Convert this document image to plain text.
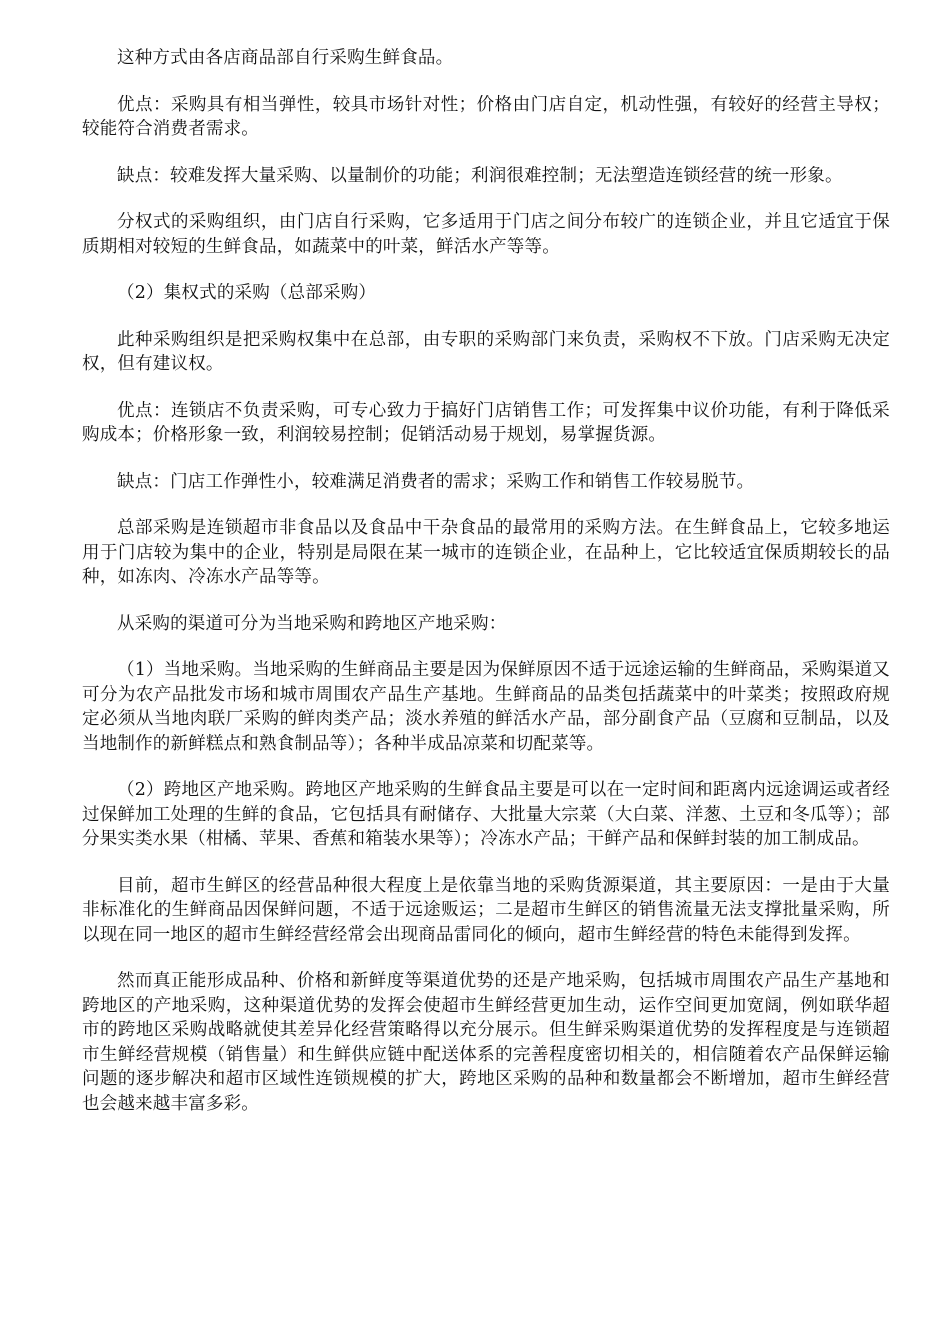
这种方式由各店商品部自行采购生鲜食品。

优点：采购具有相当弹性，较具市场针对性；价格由门店自定，机动性强，有较好的经营主导权；较能符合消费者需求。

缺点：较难发挥大量采购、以量制价的功能；利润很难控制；无法塑造连锁经营的统一形象。

分权式的采购组织，由门店自行采购，它多适用于门店之间分布较广的连锁企业，并且它适宜于保质期相对较短的生鲜食品，如蔬菜中的叶菜，鲜活水产等等。

（2）集权式的采购（总部采购）

此种采购组织是把采购权集中在总部，由专职的采购部门来负责，采购权不下放。门店采购无决定权，但有建议权。

优点：连锁店不负责采购，可专心致力于搞好门店销售工作；可发挥集中议价功能，有利于降低采购成本；价格形象一致，利润较易控制；促销活动易于规划，易掌握货源。

缺点：门店工作弹性小，较难满足消费者的需求；采购工作和销售工作较易脱节。

总部采购是连锁超市非食品以及食品中干杂食品的最常用的采购方法。在生鲜食品上，它较多地运用于门店较为集中的企业，特别是局限在某一城市的连锁企业，在品种上，它比较适宜保质期较长的品种，如冻肉、冷冻水产品等等。

从采购的渠道可分为当地采购和跨地区产地采购：

（1）当地采购。当地采购的生鲜商品主要是因为保鲜原因不适于远途运输的生鲜商品，采购渠道又可分为农产品批发市场和城市周围农产品生产基地。生鲜商品的品类包括蔬菜中的叶菜类；按照政府规定必须从当地肉联厂采购的鲜肉类产品；淡水养殖的鲜活水产品，部分副食产品（豆腐和豆制品，以及当地制作的新鲜糕点和熟食制品等）；各种半成品凉菜和切配菜等。

（2）跨地区产地采购。跨地区产地采购的生鲜食品主要是可以在一定时间和距离内远途调运或者经过保鲜加工处理的生鲜的食品，它包括具有耐储存、大批量大宗菜（大白菜、洋葱、土豆和冬瓜等）；部分果实类水果（柑橘、苹果、香蕉和箱装水果等）；冷冻水产品；干鲜产品和保鲜封装的加工制成品。

目前，超市生鲜区的经营品种很大程度上是依靠当地的采购货源渠道，其主要原因：一是由于大量非标准化的生鲜商品因保鲜问题，不适于远途贩运；二是超市生鲜区的销售流量无法支撑批量采购，所以现在同一地区的超市生鲜经营经常会出现商品雷同化的倾向，超市生鲜经营的特色未能得到发挥。

然而真正能形成品种、价格和新鲜度等渠道优势的还是产地采购，包括城市周围农产品生产基地和跨地区的产地采购，这种渠道优势的发挥会使超市生鲜经营更加生动，运作空间更加宽阔，例如联华超市的跨地区采购战略就使其差异化经营策略得以充分展示。但生鲜采购渠道优势的发挥程度是与连锁超市生鲜经营规模（销售量）和生鲜供应链中配送体系的完善程度密切相关的，相信随着农产品保鲜运输问题的逐步解决和超市区域性连锁规模的扩大，跨地区采购的品种和数量都会不断增加，超市生鲜经营也会越来越丰富多彩。
